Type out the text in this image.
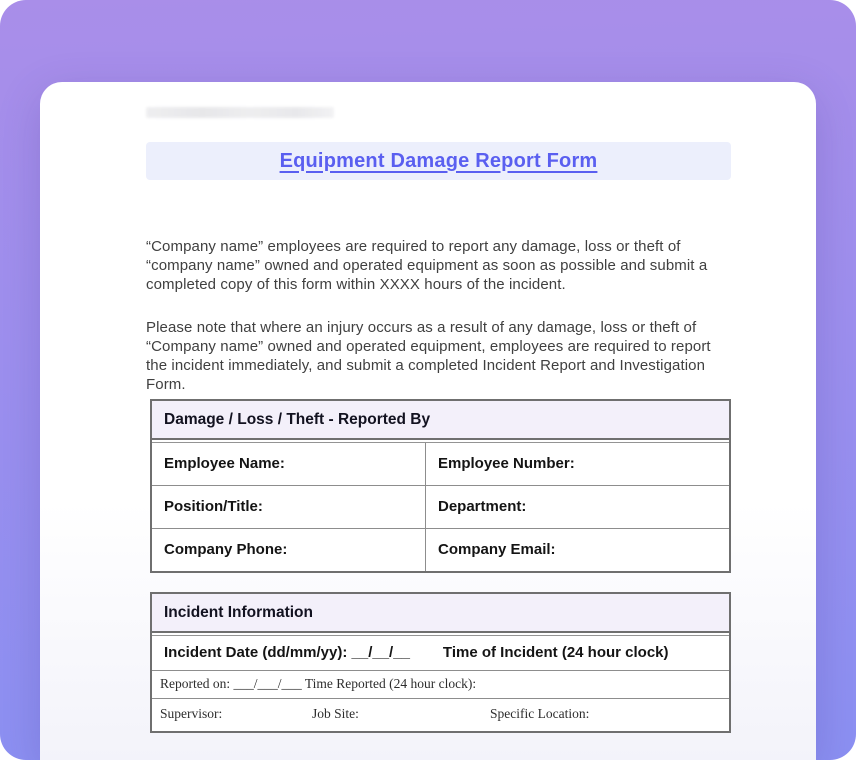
Equipment Damage Report Form

“Company name” employees are required to report any damage, loss or theft of “company name” owned and operated equipment as soon as possible and submit a completed copy of this form within XXXX hours of the incident.

Please note that where an injury occurs as a result of any damage, loss or theft of “Company name” owned and operated equipment, employees are required to report the incident immediately, and submit a completed Incident Report and Investigation Form.

Damage / Loss / Theft - Reported By
Employee Name:	Employee Number:
Position/Title:	Department:
Company Phone:	Company Email:
Incident Information
Incident Date (dd/mm/yy): __/__/__ Time of Incident (24 hour clock)
Reported on: ___/___/___ Time Reported (24 hour clock):
Supervisor:	Job Site:	Specific Location:
